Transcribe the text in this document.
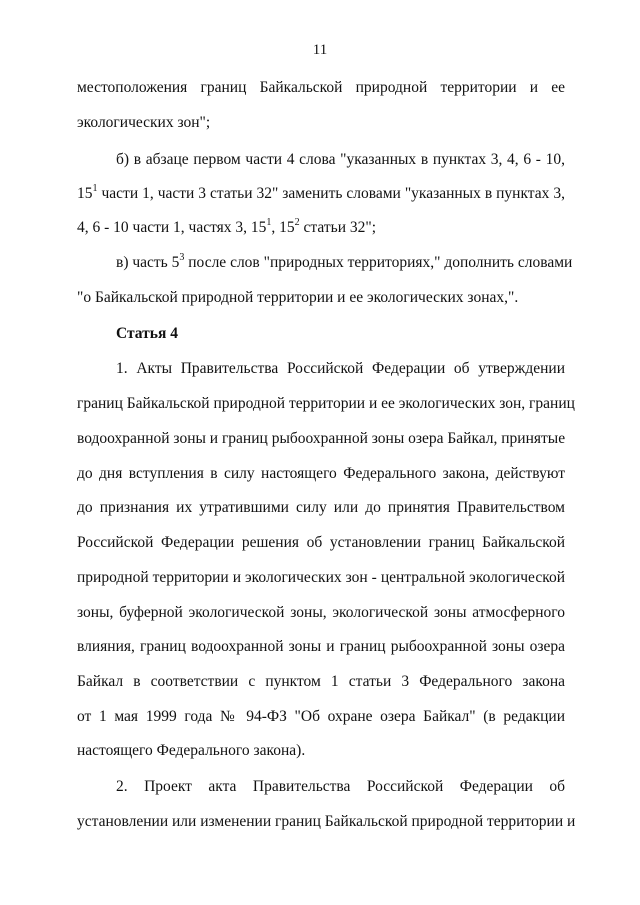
11
местоположения границ Байкальской природной территории и ее
экологических зон";
б) в абзаце первом части 4 слова "указанных в пунктах 3, 4, 6 - 10,
$15^1$ части 1, части 3 статьи 32" заменить словами "указанных в пунктах 3,
4, 6 - 10 части 1, частях 3, $15^1$, $15^2$ статьи 32";
в) часть $5^3$ после слов "природных территориях," дополнить словами
"о Байкальской природной территории и ее экологических зонах,".
Статья 4
1. Акты Правительства Российской Федерации об утверждении
границ Байкальской природной территории и ее экологических зон, границ
водоохранной зоны и границ рыбоохранной зоны озера Байкал, принятые
до дня вступления в силу настоящего Федерального закона, действуют
до признания их утратившими силу или до принятия Правительством
Российской Федерации решения об установлении границ Байкальской
природной территории и экологических зон - центральной экологической
зоны, буферной экологической зоны, экологической зоны атмосферного
влияния, границ водоохранной зоны и границ рыбоохранной зоны озера
Байкал в соответствии с пунктом 1 статьи 3 Федерального закона
от 1 мая 1999 года № 94-ФЗ "Об охране озера Байкал" (в редакции
настоящего Федерального закона).
2. Проект акта Правительства Российской Федерации об
установлении или изменении границ Байкальской природной территории и
